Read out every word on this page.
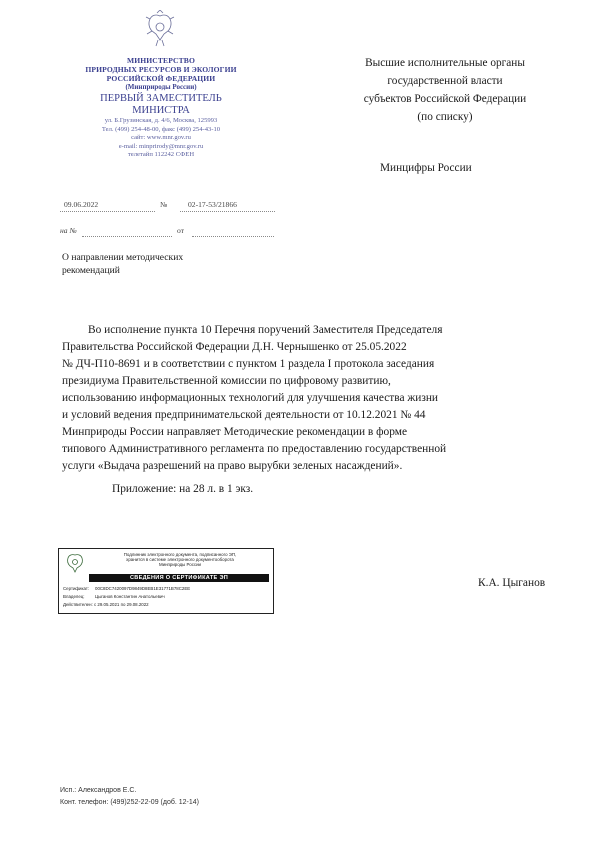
МИНИСТЕРСТВО
ПРИРОДНЫХ РЕСУРСОВ И ЭКОЛОГИИ
РОССИЙСКОЙ ФЕДЕРАЦИИ
(Минприроды России)
ПЕРВЫЙ ЗАМЕСТИТЕЛЬ
МИНИСТРА
ул. Б.Грузинская, д. 4/6, Москва, 125993
Тел. (499) 254-48-00, факс (499) 254-43-10
сайт: www.mnr.gov.ru
e-mail: minprirody@mnr.gov.ru
телетайп 112242 СФЕН
09.06.2022	№	02-17-53/21866
на №	от
Высшие исполнительные органы
государственной власти
субъектов Российской Федерации
(по списку)
Минцифры России
О направлении методических
рекомендаций

Во исполнение пункта 10 Перечня поручений Заместителя Председателя

Правительства Российской Федерации Д.Н. Чернышенко от 25.05.2022

№ ДЧ-П10-8691 и в соответствии с пунктом 1 раздела I протокола заседания

президиума Правительственной комиссии по цифровому развитию,

использованию информационных технологий для улучшения качества жизни

и условий ведения предпринимательской деятельности от 10.12.2021 № 44

Минприроды России направляет Методические рекомендации в форме

типового Административного регламента по предоставлению государственной

услуги «Выдача разрешений на право вырубки зеленых насаждений».

Приложение: на 28 л. в 1 экз.
Подлинник электронного документа, подписанного ЭП,
хранится в системе электронного документооборота
Минприроды России
СВЕДЕНИЯ О СЕРТИФИКАТЕ ЭП
Сертификат: 00C8DC7420097D9849D8EB1E31771B78C2EE
Владелец: Цыганов Константин Анатольевич
Действителен: с 29.05.2021 по 29.08.2022
К.А. Цыганов
Исп.: Александров Е.С.
Конт. телефон: (499)252-22-09 (доб. 12-14)
